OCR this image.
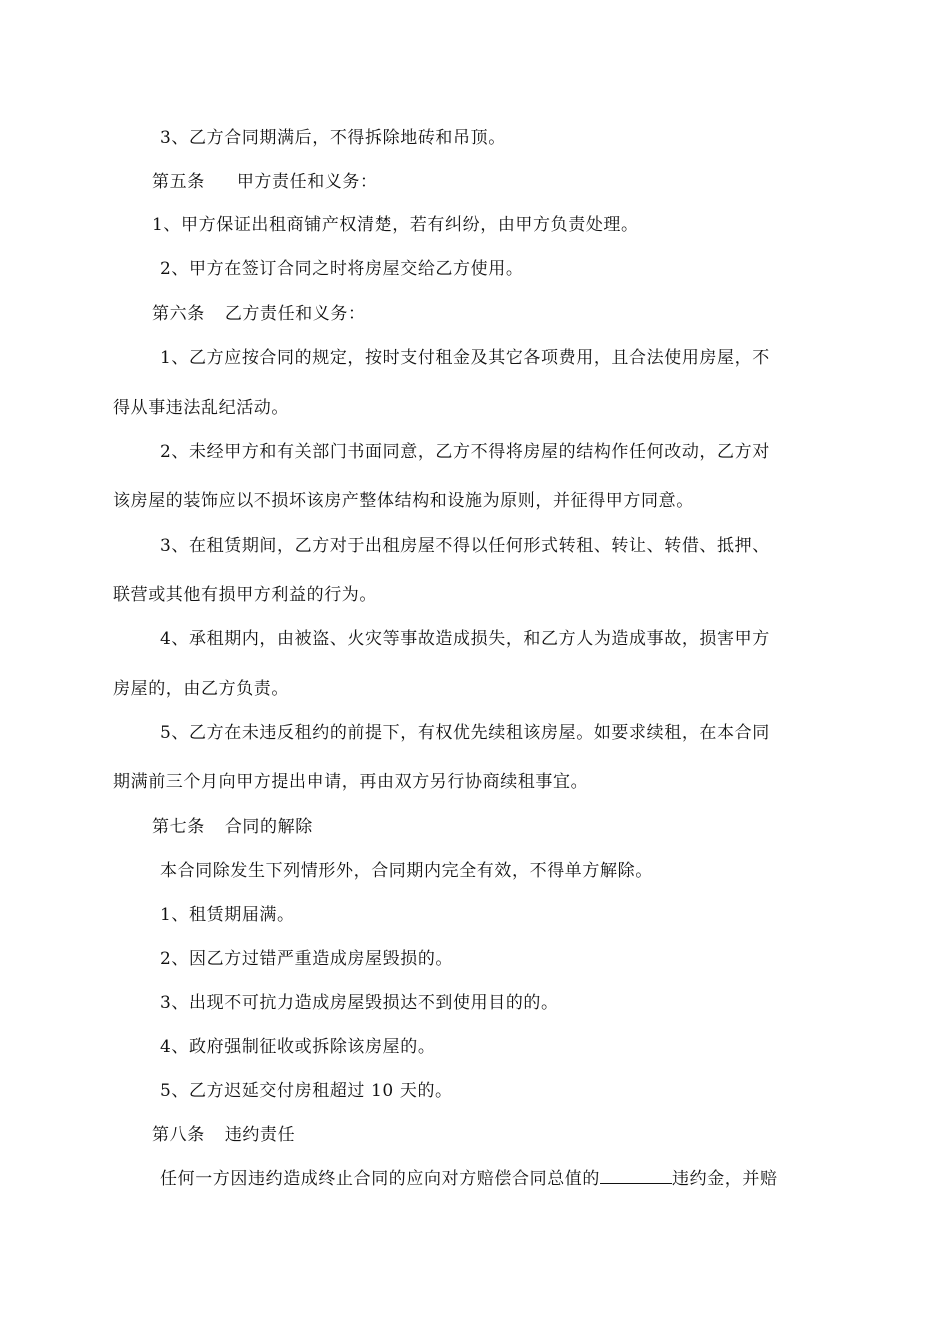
3、乙方合同期满后，不得拆除地砖和吊顶。
第五条 甲方责任和义务：
1、甲方保证出租商铺产权清楚，若有纠纷，由甲方负责处理。
2、甲方在签订合同之时将房屋交给乙方使用。
第六条 乙方责任和义务：
1、乙方应按合同的规定，按时支付租金及其它各项费用，且合法使用房屋，不
得从事违法乱纪活动。
2、未经甲方和有关部门书面同意，乙方不得将房屋的结构作任何改动，乙方对
该房屋的装饰应以不损坏该房产整体结构和设施为原则，并征得甲方同意。
3、在租赁期间，乙方对于出租房屋不得以任何形式转租、转让、转借、抵押、
联营或其他有损甲方利益的行为。
4、承租期内，由被盗、火灾等事故造成损失，和乙方人为造成事故，损害甲方
房屋的，由乙方负责。
5、乙方在未违反租约的前提下，有权优先续租该房屋。如要求续租，在本合同
期满前三个月向甲方提出申请，再由双方另行协商续租事宜。
第七条 合同的解除
本合同除发生下列情形外，合同期内完全有效，不得单方解除。
1、租赁期届满。
2、因乙方过错严重造成房屋毁损的。
3、出现不可抗力造成房屋毁损达不到使用目的的。
4、政府强制征收或拆除该房屋的。
5、乙方迟延交付房租超过 10 天的。
第八条 违约责任
任何一方因违约造成终止合同的应向对方赔偿合同总值的	违约金，并赔
